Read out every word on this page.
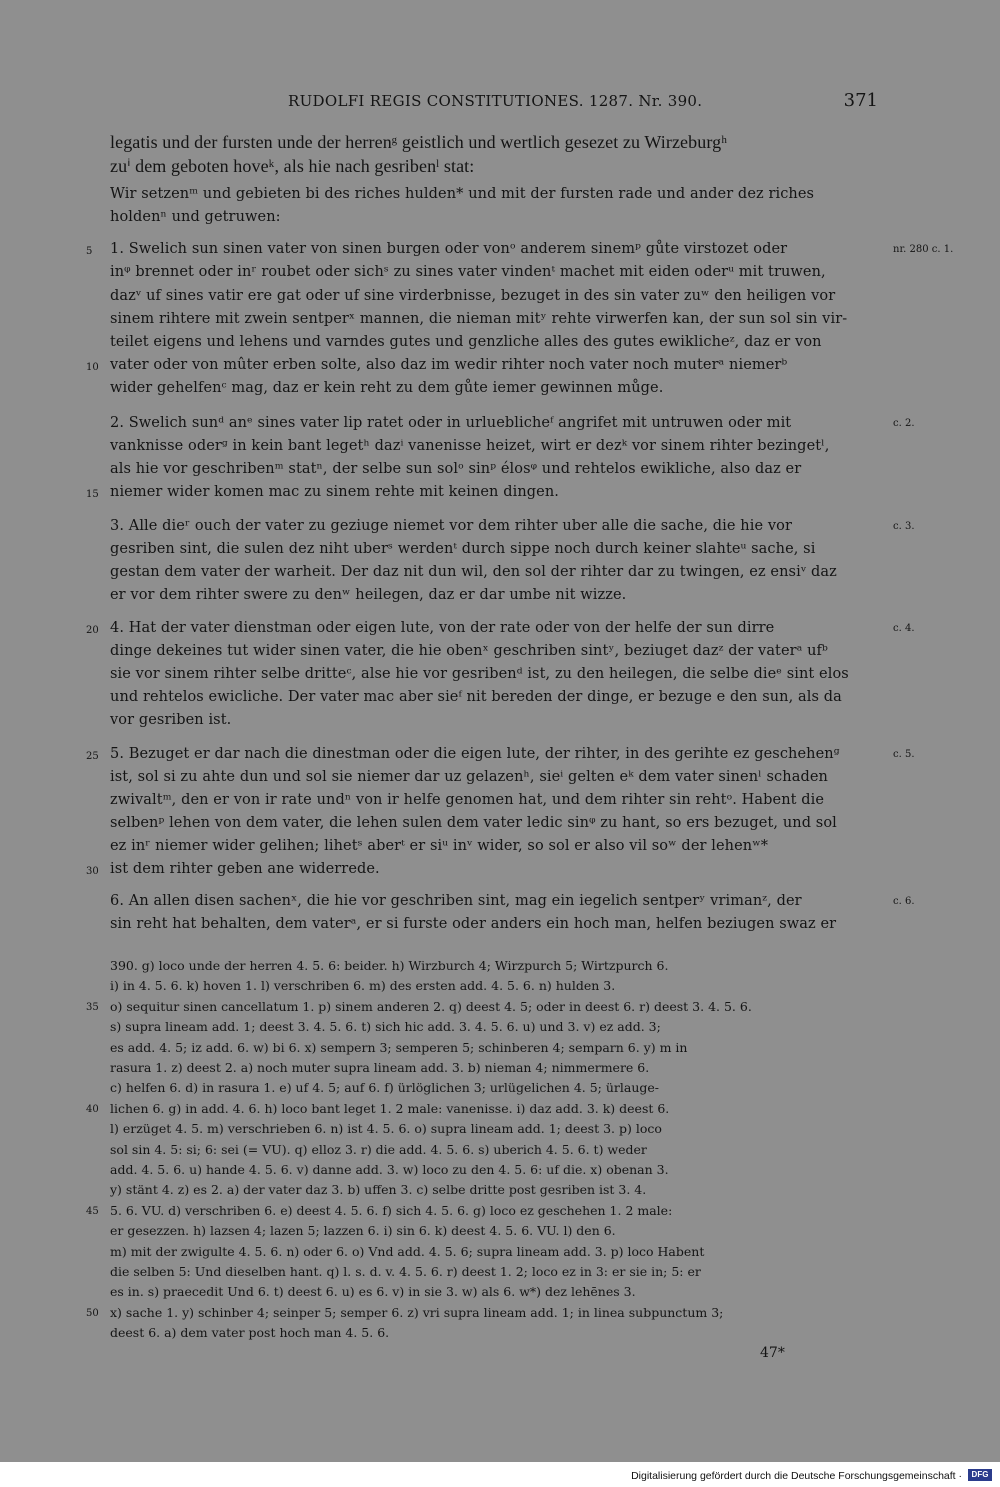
RUDOLFI REGIS CONSTITUTIONES. 1287. Nr. 390.	371
legatis und der fursten unde der herrenᵍ geistlich und wertlich gesezet zu Wirzeburgʰ
zuⁱ dem geboten hoveᵏ, als hie nach gesribenˡ stat:
Wir setzenᵐ und gebieten bi des riches hulden* und mit der fursten rade und ander dez riches
holdenⁿ und getruwen:
1. Swelich sun sinen vater von sinen burgen oder vonᵒ anderem sinemᵖ gůte virstozet oder
5	nr. 280 c. 1.
inᵠ brennet oder inʳ roubet oder sichˢ zu sines vater vindenᵗ machet mit eiden oderᵘ mit truwen,
dazᵛ uf sines vatir ere gat oder uf sine virderbnisse, bezuget in des sin vater zuʷ den heiligen vor
sinem rihtere mit zwein sentperˣ mannen, die nieman mitʸ rehte virwerfen kan, der sun sol sin vir-
teilet eigens und lehens und varndes gutes und genzliche alles des gutes ewiklicheᶻ, daz er von
vater oder von mûter erben solte, also daz im wedir rihter noch vater noch muterᵃ niemerᵇ
10
wider gehelfenᶜ mag, daz er kein reht zu dem gůte iemer gewinnen můge.
2. Swelich sunᵈ anᵉ sines vater lip ratet oder in urlueblicheᶠ angrifet mit untruwen oder mit	c. 2.
vanknisse oderᵍ in kein bant legetʰ dazⁱ vanenisse heizet, wirt er dezᵏ vor sinem rihter bezingetˡ,
als hie vor geschribenᵐ statⁿ, der selbe sun solᵒ sinᵖ élosᵠ und rehtelos ewikliche, also daz er
niemer wider komen mac zu sinem rehte mit keinen dingen.
15
3. Alle dieʳ ouch der vater zu geziuge niemet vor dem rihter uber alle die sache, die hie vor	c. 3.
gesriben sint, die sulen dez niht uberˢ werdenᵗ durch sippe noch durch keiner slahteᵘ sache, si
gestan dem vater der warheit. Der daz nit dun wil, den sol der rihter dar zu twingen, ez ensiᵛ daz
er vor dem rihter swere zu denʷ heilegen, daz er dar umbe nit wizze.
4. Hat der vater dienstman oder eigen lute, von der rate oder von der helfe der sun dirre
20	c. 4.
dinge dekeines tut wider sinen vater, die hie obenˣ geschriben sintʸ, beziuget dazᶻ der vaterᵃ ufᵇ
sie vor sinem rihter selbe dritteᶜ, alse hie vor gesribenᵈ ist, zu den heilegen, die selbe dieᵉ sint elos
und rehtelos ewicliche. Der vater mac aber sieᶠ nit bereden der dinge, er bezuge e den sun, als da
vor gesriben ist.
5. Bezuget er dar nach die dinestman oder die eigen lute, der rihter, in des gerihte ez geschehenᵍ
25	c. 5.
ist, sol si zu ahte dun und sol sie niemer dar uz gelazenʰ, sieⁱ gelten eᵏ dem vater sinenˡ schaden
zwivaltᵐ, den er von ir rate undⁿ von ir helfe genomen hat, und dem rihter sin rehtᵒ. Habent die
selbenᵖ lehen von dem vater, die lehen sulen dem vater ledic sinᵠ zu hant, so ers bezuget, und sol
ez inʳ niemer wider gelihen; lihetˢ aberᵗ er siᵘ inᵛ wider, so sol er also vil soʷ der lehenʷ*
ist dem rihter geben ane widerrede.
30
6. An allen disen sachenˣ, die hie vor geschriben sint, mag ein iegelich sentperʸ vrimanᶻ, der	c. 6.
sin reht hat behalten, dem vaterᵃ, er si furste oder anders ein hoch man, helfen beziugen swaz er
390. g) loco unde der herren 4. 5. 6: beider. h) Wirzburch 4; Wirzpurch 5; Wirtzpurch 6.
i) in 4. 5. 6. k) hoven 1. l) verschriben 6. m) des ersten add. 4. 5. 6. n) hulden 3.
o) sequitur sinen cancellatum 1. p) sinem anderen 2. q) deest 4. 5; oder in deest 6. r) deest 3. 4. 5. 6.
35
s) supra lineam add. 1; deest 3. 4. 5. 6. t) sich hic add. 3. 4. 5. 6. u) und 3. v) ez add. 3;
es add. 4. 5; iz add. 6. w) bi 6. x) sempern 3; semperen 5; schinberen 4; semparn 6. y) m in
rasura 1. z) deest 2. a) noch muter supra lineam add. 3. b) nieman 4; nimmermere 6.
c) helfen 6. d) in rasura 1. e) uf 4. 5; auf 6. f) ürlöglichen 3; urlügelichen 4. 5; ürlauge-
lichen 6. g) in add. 4. 6. h) loco bant leget 1. 2 male: vanenisse. i) daz add. 3. k) deest 6.
40
l) erzüget 4. 5. m) verschrieben 6. n) ist 4. 5. 6. o) supra lineam add. 1; deest 3. p) loco
sol sin 4. 5: si; 6: sei (= VU). q) elloz 3. r) die add. 4. 5. 6. s) uberich 4. 5. 6. t) weder
add. 4. 5. 6. u) hande 4. 5. 6. v) danne add. 3. w) loco zu den 4. 5. 6: uf die. x) obenan 3.
y) stänt 4. z) es 2. a) der vater daz 3. b) uffen 3. c) selbe dritte post gesriben ist 3. 4.
5. 6. VU. d) verschriben 6. e) deest 4. 5. 6. f) sich 4. 5. 6. g) loco ez geschehen 1. 2 male:
45
er gesezzen. h) lazsen 4; lazen 5; lazzen 6. i) sin 6. k) deest 4. 5. 6. VU. l) den 6.
m) mit der zwigulte 4. 5. 6. n) oder 6. o) Vnd add. 4. 5. 6; supra lineam add. 3. p) loco Habent
die selben 5: Und dieselben hant. q) l. s. d. v. 4. 5. 6. r) deest 1. 2; loco ez in 3: er sie in; 5: er
es in. s) praecedit Und 6. t) deest 6. u) es 6. v) in sie 3. w) als 6. w*) dez lehēnes 3.
x) sache 1. y) schinber 4; seinper 5; semper 6. z) vri supra lineam add. 1; in linea subpunctum 3;
50
deest 6. a) dem vater post hoch man 4. 5. 6.
47*
Digitalisierung gefördert durch die Deutsche Forschungsgemeinschaft ·	DFG
